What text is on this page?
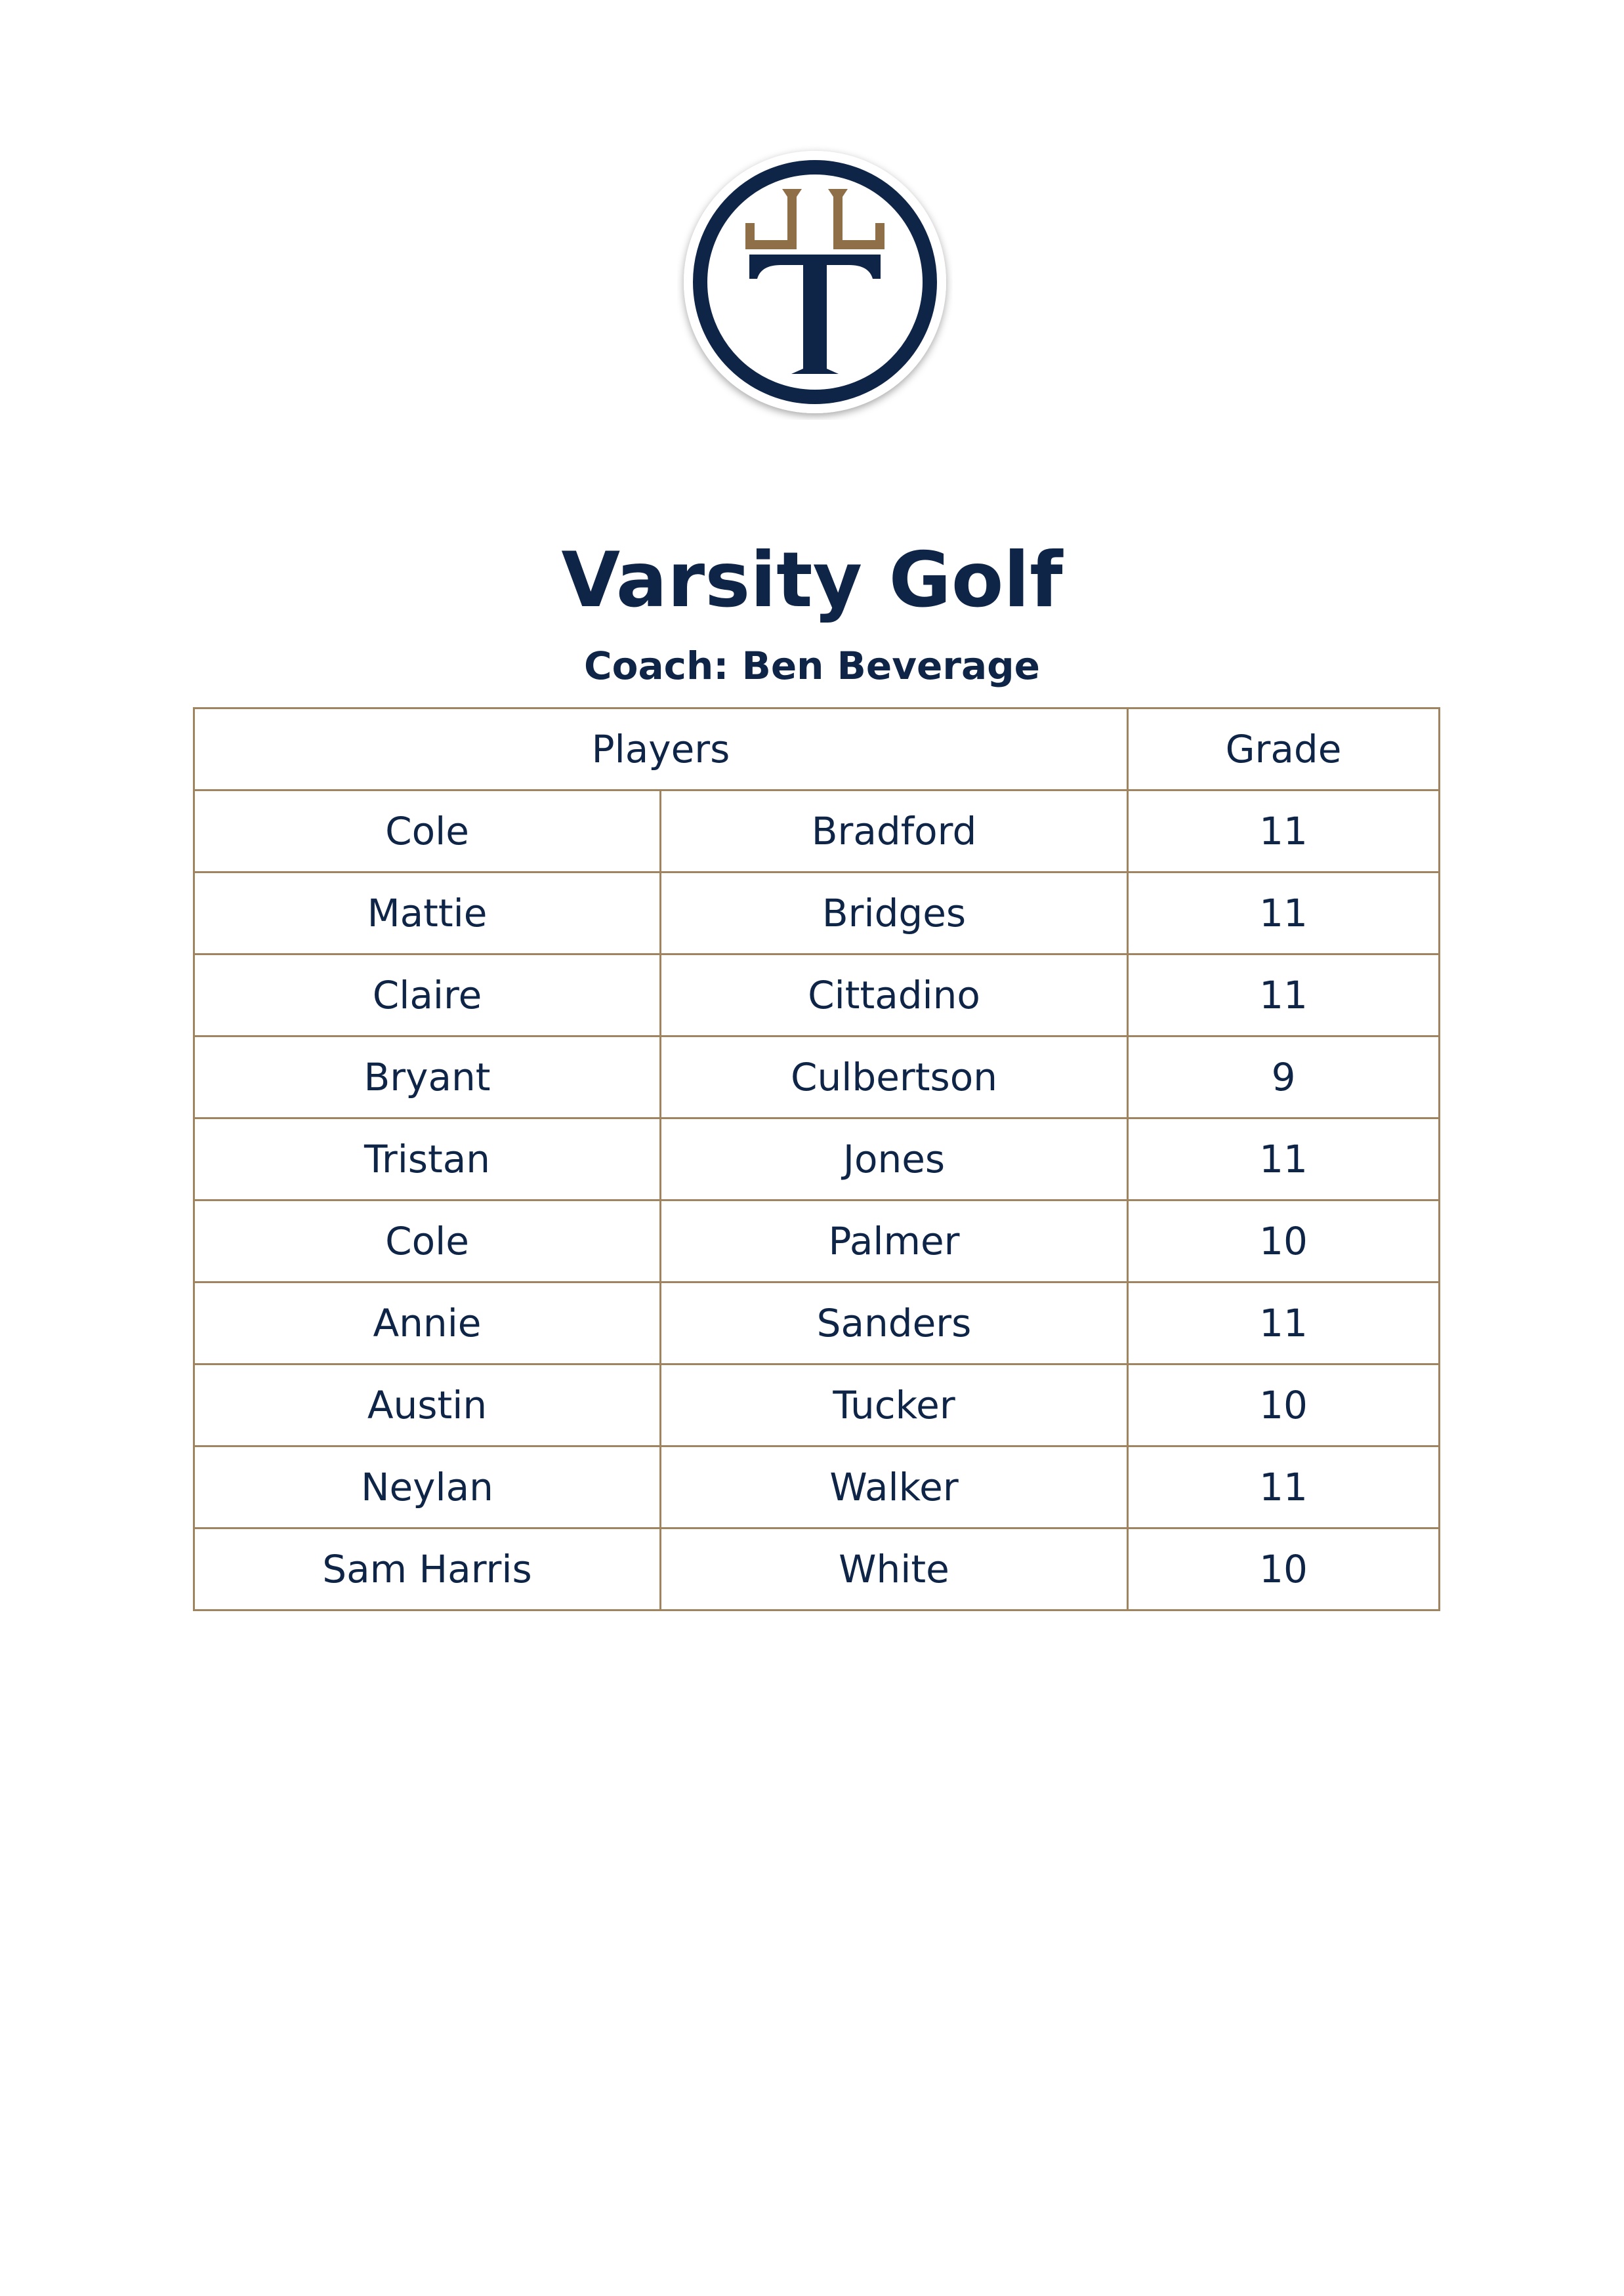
Varsity Golf
Coach: Ben Beverage
Players		Grade
Cole	Bradford	11
Mattie	Bridges	11
Claire	Cittadino	11
Bryant	Culbertson	9
Tristan	Jones	11
Cole	Palmer	10
Annie	Sanders	11
Austin	Tucker	10
Neylan	Walker	11
Sam Harris	White	10
